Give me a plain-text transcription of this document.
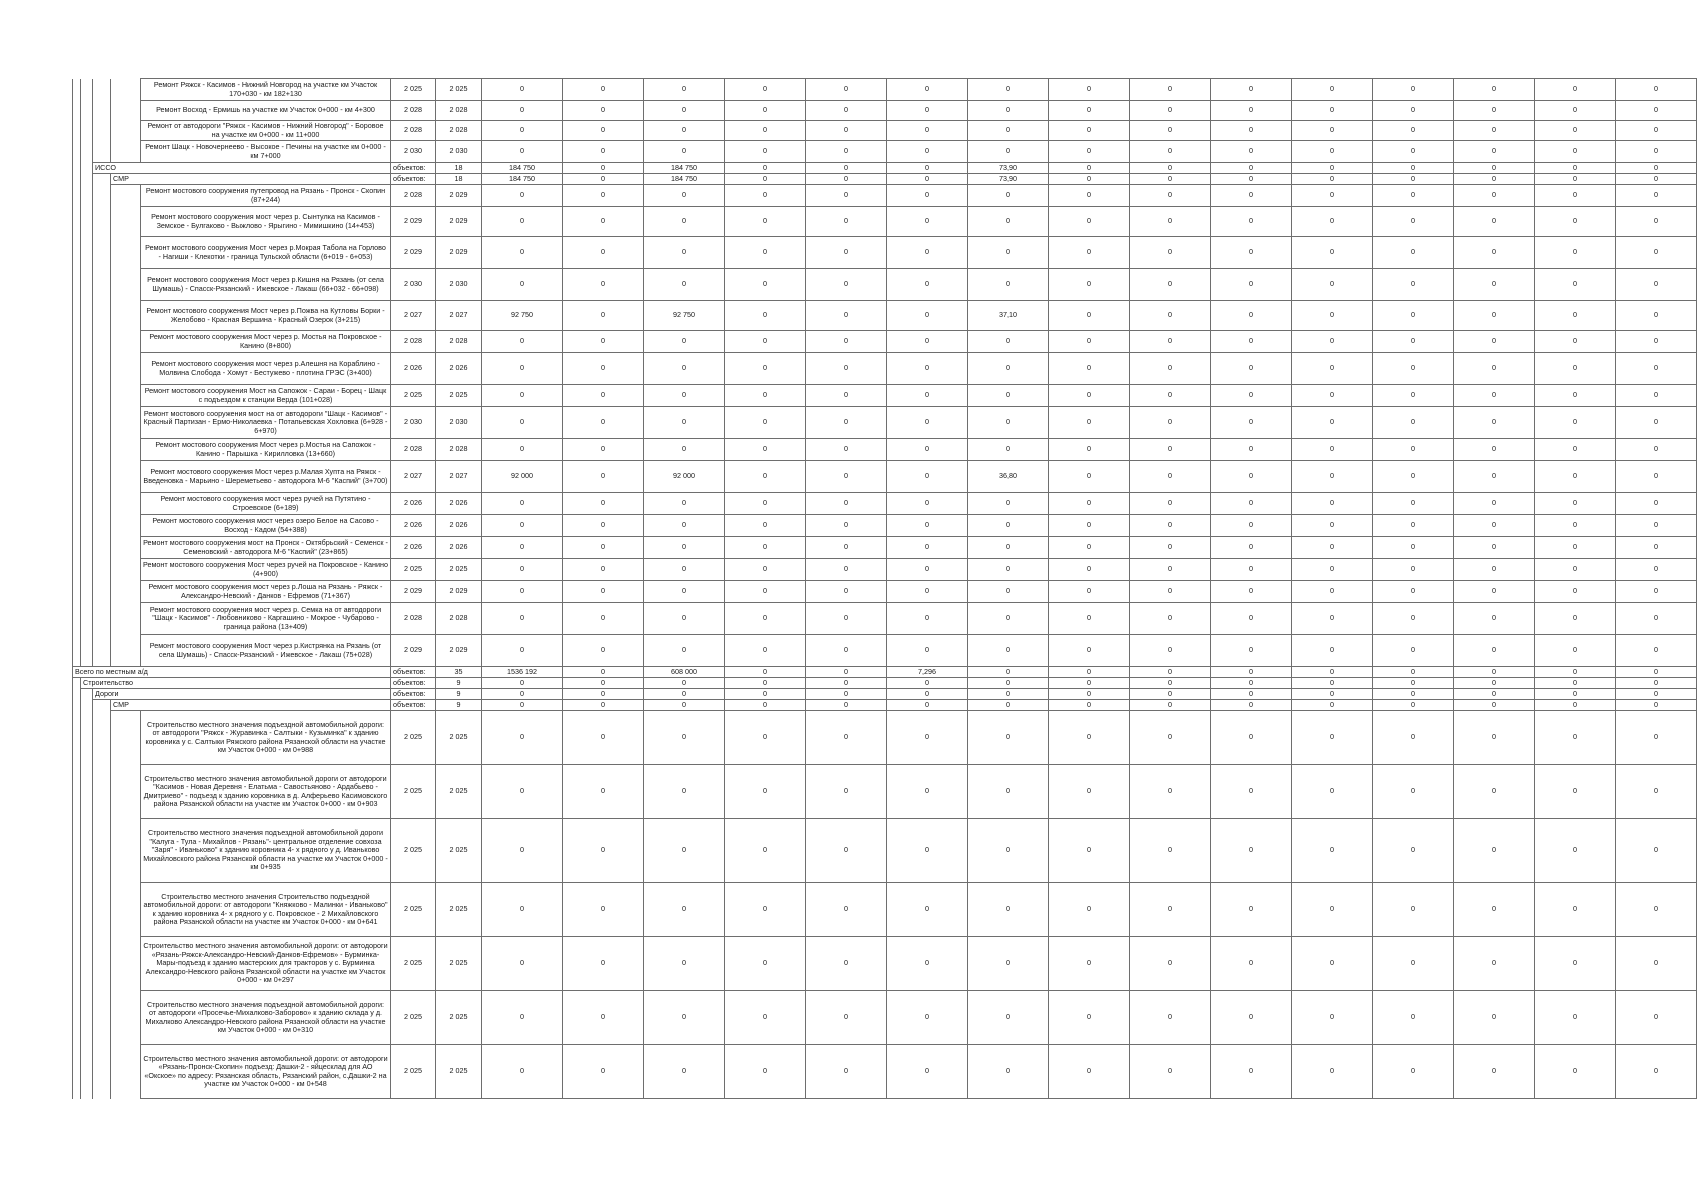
				Ремонт Ряжск - Касимов - Нижний Новгород на участке км Участок 170+030 - км 182+130	2 025	2 025	0	0	0	0	0	0	0	0	0	0	0	0	0	0	0
				Ремонт Восход - Ермишь на участке км Участок 0+000 - км 4+300	2 028	2 028	0	0	0	0	0	0	0	0	0	0	0	0	0	0	0
				Ремонт от автодороги "Ряжск - Касимов - Нижний Новгород" - Боровое на участке км 0+000 - км 11+000	2 028	2 028	0	0	0	0	0	0	0	0	0	0	0	0	0	0	0
				Ремонт Шацк - Новочернеево - Высокое - Печины на участке км 0+000 - км 7+000	2 030	2 030	0	0	0	0	0	0	0	0	0	0	0	0	0	0	0
		ИССО			объектов:	18	184 750	0	184 750	0	0	0	73,90	0	0	0	0	0	0	0	0
			СМР		объектов:	18	184 750	0	184 750	0	0	0	73,90	0	0	0	0	0	0	0	0
				Ремонт мостового сооружения путепровод на Рязань - Пронск - Скопин (87+244)	2 028	2 029	0	0	0	0	0	0	0	0	0	0	0	0	0	0	0
				Ремонт мостового сооружения мост через р. Сынтулка на Касимов - Земское - Булгаково - Выжлово - Ярыгино - Мимишкино (14+453)	2 029	2 029	0	0	0	0	0	0	0	0	0	0	0	0	0	0	0
				Ремонт мостового сооружения Мост через р.Мокрая Табола на Горлово - Нагиши - Клекотки - граница Тульской области (6+019 - 6+053)	2 029	2 029	0	0	0	0	0	0	0	0	0	0	0	0	0	0	0
				Ремонт мостового сооружения Мост через р.Кишня на Рязань (от села Шумашь) - Спасск-Рязанский - Ижевское - Лакаш (66+032 - 66+098)	2 030	2 030	0	0	0	0	0	0	0	0	0	0	0	0	0	0	0
				Ремонт мостового сооружения Мост через р.Пожва на Кутловы Борки - Желобово - Красная Вершина - Красный Озерок (3+215)	2 027	2 027	92 750	0	92 750	0	0	0	37,10	0	0	0	0	0	0	0	0
				Ремонт мостового сооружения Мост через р. Мостья на Покровское - Канино (8+800)	2 028	2 028	0	0	0	0	0	0	0	0	0	0	0	0	0	0	0
				Ремонт мостового сооружения мост через р.Алешня на Кораблино - Молвина Слобода - Хомут - Бестужево - плотина ГРЭС (3+400)	2 026	2 026	0	0	0	0	0	0	0	0	0	0	0	0	0	0	0
				Ремонт мостового сооружения Мост на Сапожок - Сараи - Борец - Шацк с подъездом к станции Верда (101+028)	2 025	2 025	0	0	0	0	0	0	0	0	0	0	0	0	0	0	0
				Ремонт мостового сооружения мост на от автодороги "Шацк - Касимов" - Красный Партизан - Ермо-Николаевка - Потапьевская Хохловка (6+928 - 6+970)	2 030	2 030	0	0	0	0	0	0	0	0	0	0	0	0	0	0	0
				Ремонт мостового сооружения Мост через р.Мостья на Сапожок - Канино - Парышка - Кирилловка (13+660)	2 028	2 028	0	0	0	0	0	0	0	0	0	0	0	0	0	0	0
				Ремонт мостового сооружения Мост через р.Малая Хупта на Ряжск - Введеновка - Марьино - Шереметьево - автодорога М-6 "Каспий" (3+700)	2 027	2 027	92 000	0	92 000	0	0	0	36,80	0	0	0	0	0	0	0	0
				Ремонт мостового сооружения мост через ручей на Путятино - Строевское (6+189)	2 026	2 026	0	0	0	0	0	0	0	0	0	0	0	0	0	0	0
				Ремонт мостового сооружения мост через озеро Белое на Сасово - Восход - Кадом (54+388)	2 026	2 026	0	0	0	0	0	0	0	0	0	0	0	0	0	0	0
				Ремонт мостового сооружения мост на Пронск - Октябрьский - Семенск - Семеновский - автодорога М-6 "Каспий" (23+865)	2 026	2 026	0	0	0	0	0	0	0	0	0	0	0	0	0	0	0
				Ремонт мостового сооружения Мост через ручей на Покровское - Канино (4+900)	2 025	2 025	0	0	0	0	0	0	0	0	0	0	0	0	0	0	0
				Ремонт мостового сооружения мост через р.Лоша на Рязань - Ряжск - Александро-Невский - Данков - Ефремов (71+367)	2 029	2 029	0	0	0	0	0	0	0	0	0	0	0	0	0	0	0
				Ремонт мостового сооружения мост через р. Семка на от автодороги "Шацк - Касимов" - Любовниково - Каргашино - Мокрое - Чубарово - граница района (13+409)	2 028	2 028	0	0	0	0	0	0	0	0	0	0	0	0	0	0	0
				Ремонт мостового сооружения Мост через р.Кистрянка на Рязань (от села Шумашь) - Спасск-Рязанский - Ижевское - Лакаш (75+028)	2 029	2 029	0	0	0	0	0	0	0	0	0	0	0	0	0	0	0
Всего по местным а/д					объектов:	35	1536 192	0	608 000	0	0	7,296	0	0	0	0	0	0	0	0	0
	Строительство				объектов:	9	0	0	0	0	0	0	0	0	0	0	0	0	0	0	0
		Дороги			объектов:	9	0	0	0	0	0	0	0	0	0	0	0	0	0	0	0
			СМР		объектов:	9	0	0	0	0	0	0	0	0	0	0	0	0	0	0	0
				Строительство местного значения подъездной автомобильной дороги: от автодороги "Ряжск - Журавинка - Салтыки - Кузьминка" к зданию коровника у с. Салтыки Ряжского района Рязанской области на участке км Участок 0+000 - км 0+988	2 025	2 025	0	0	0	0	0	0	0	0	0	0	0	0	0	0	0
				Строительство местного значения автомобильной дороги от автодороги "Касимов - Новая Деревня - Елатьма - Савостьяново - Ардабьево - Дмитриево" - подъезд к зданию коровника в д. Алферьево Касимовского района Рязанской области на участке км Участок 0+000 - км 0+903	2 025	2 025	0	0	0	0	0	0	0	0	0	0	0	0	0	0	0
				Строительство местного значения подъездной автомобильной дороги "Калуга - Тула - Михайлов - Рязань"- центральное отделение совхоза "Заря" - Иваньково" к зданию коровника 4- х рядного у д. Иваньково Михайловского района Рязанской области на участке км Участок 0+000 - км 0+935	2 025	2 025	0	0	0	0	0	0	0	0	0	0	0	0	0	0	0
				Строительство местного значения Строительство подъездной автомобильной дороги: от автодороги "Княжково - Малинки - Иваньково" к зданию коровника 4- х рядного у с. Покровское - 2 Михайловского района Рязанской области на участке км Участок 0+000 - км 0+641	2 025	2 025	0	0	0	0	0	0	0	0	0	0	0	0	0	0	0
				Строительство местного значения автомобильной дороги: от автодороги «Рязань-Ряжск-Александро-Невский-Данков-Ефремов» - Бурминка-Мары-подъезд к зданию мастерских для тракторов у с. Бурминка Александро-Невского района Рязанской области на участке км Участок 0+000 - км 0+297	2 025	2 025	0	0	0	0	0	0	0	0	0	0	0	0	0	0	0
				Строительство местного значения подъездной автомобильной дороги: от автодороги «Просечье-Михалково-Заборово» к зданию склада у д. Михалково Александро-Невского района Рязанской области на участке км Участок 0+000 - км 0+310	2 025	2 025	0	0	0	0	0	0	0	0	0	0	0	0	0	0	0
				Строительство местного значения автомобильной дороги: от автодороги «Рязань-Пронск-Скопин» подъезд: Дашки-2 - яйцесклад для АО «Окское» по адресу: Рязанская область, Рязанский район, с.Дашки-2 на участке км Участок 0+000 - км 0+548	2 025	2 025	0	0	0	0	0	0	0	0	0	0	0	0	0	0	0
